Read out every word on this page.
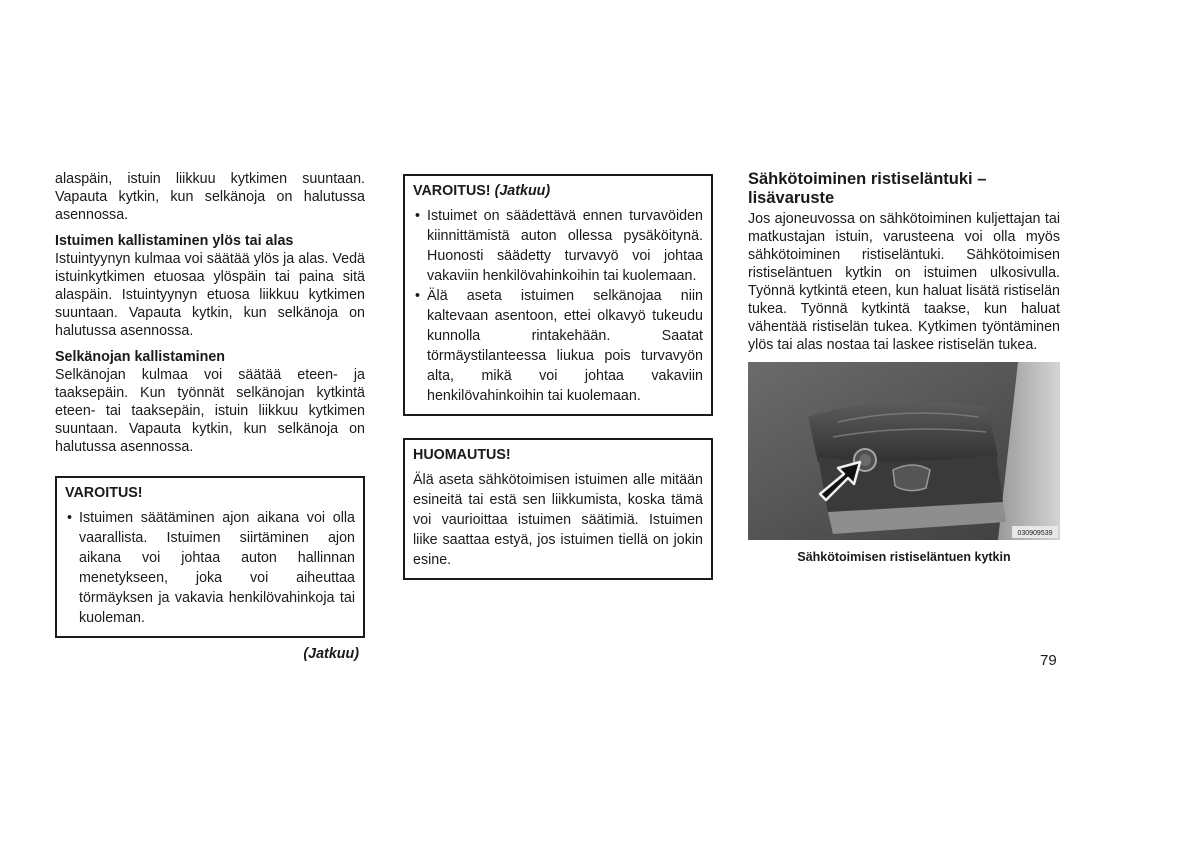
alaspäin, istuin liikkuu kytkimen suuntaan. Vapauta kytkin, kun selkänoja on halutussa asennossa.

Istuimen kallistaminen ylös tai alas

Istuintyynyn kulmaa voi säätää ylös ja alas. Vedä istuinkytkimen etuosaa ylöspäin tai paina sitä alaspäin. Istuintyynyn etuosa liikkuu kytkimen suuntaan. Vapauta kytkin, kun selkänoja on halutussa asennossa.

Selkänojan kallistaminen

Selkänojan kulmaa voi säätää eteen- ja taaksepäin. Kun työnnät selkänojan kytkintä eteen- tai taaksepäin, istuin liikkuu kytkimen suuntaan. Vapauta kytkin, kun selkänoja on halutussa asennossa.

VAROITUS!
• Istuimen säätäminen ajon aikana voi olla vaarallista. Istuimen siirtäminen ajon aikana voi johtaa auton hallinnan menetykseen, joka voi aiheuttaa törmäyksen ja vakavia henkilövahinkoja tai kuoleman.
(Jatkuu)
VAROITUS! (Jatkuu)
• Istuimet on säädettävä ennen turvavöiden kiinnittämistä auton ollessa pysäköitynä. Huonosti säädetty turvavyö voi johtaa vakaviin henkilövahinkoihin tai kuolemaan.
• Älä aseta istuimen selkänojaa niin kaltevaan asentoon, ettei olkavyö tukeudu kunnolla rintakehään. Saatat törmäystilanteessa liukua pois turvavyön alta, mikä voi johtaa vakaviin henkilövahinkoihin tai kuolemaan.
HUOMAUTUS!

Älä aseta sähkötoimisen istuimen alle mitään esineitä tai estä sen liikkumista, koska tämä voi vaurioittaa istuimen säätimiä. Istuimen liike saattaa estyä, jos istuimen tiellä on jokin esine.

Sähkötoiminen ristiseläntuki –
lisävaruste

Jos ajoneuvossa on sähkötoiminen kuljettajan tai matkustajan istuin, varusteena voi olla myös sähkötoiminen ristiseläntuki. Sähkötoimisen ristiseläntuen kytkin on istuimen ulkosivulla. Työnnä kytkintä eteen, kun haluat lisätä ristiselän tukea. Työnnä kytkintä taakse, kun haluat vähentää ristiselän tukea. Kytkimen työntäminen ylös tai alas nostaa tai laskee ristiselän tukea.

030909539
Sähkötoimisen ristiseläntuen kytkin
79
